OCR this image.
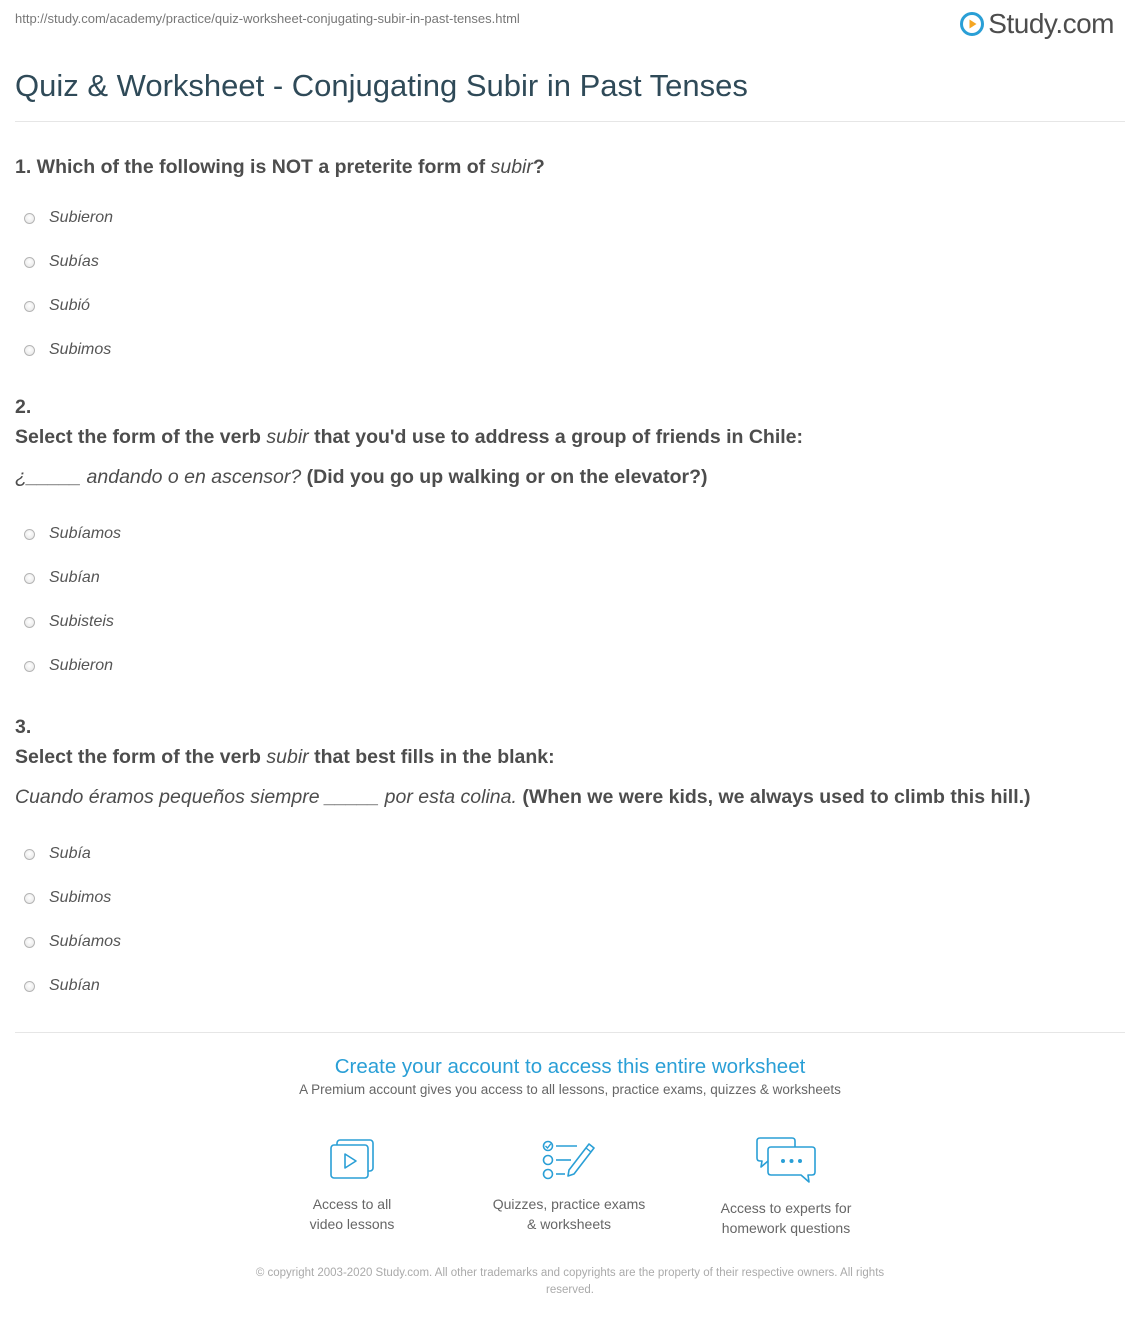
http://study.com/academy/practice/quiz-worksheet-conjugating-subir-in-past-tenses.html	Study.com
Quiz & Worksheet - Conjugating Subir in Past Tenses
1. Which of the following is NOT a preterite form of subir?
Subieron
Subías
Subió
Subimos
2.
Select the form of the verb subir that you'd use to address a group of friends in Chile:
¿_____ andando o en ascensor? (Did you go up walking or on the elevator?)
Subíamos
Subían
Subisteis
Subieron
3.
Select the form of the verb subir that best fills in the blank:
Cuando éramos pequeños siempre _____ por esta colina. (When we were kids, we always used to climb this hill.)
Subía
Subimos
Subíamos
Subían
Create your account to access this entire worksheet
A Premium account gives you access to all lessons, practice exams, quizzes & worksheets
Access to all
video lessons
Quizzes, practice exams
& worksheets
Access to experts for
homework questions
© copyright 2003-2020 Study.com. All other trademarks and copyrights are the property of their respective owners. All rights
reserved.
